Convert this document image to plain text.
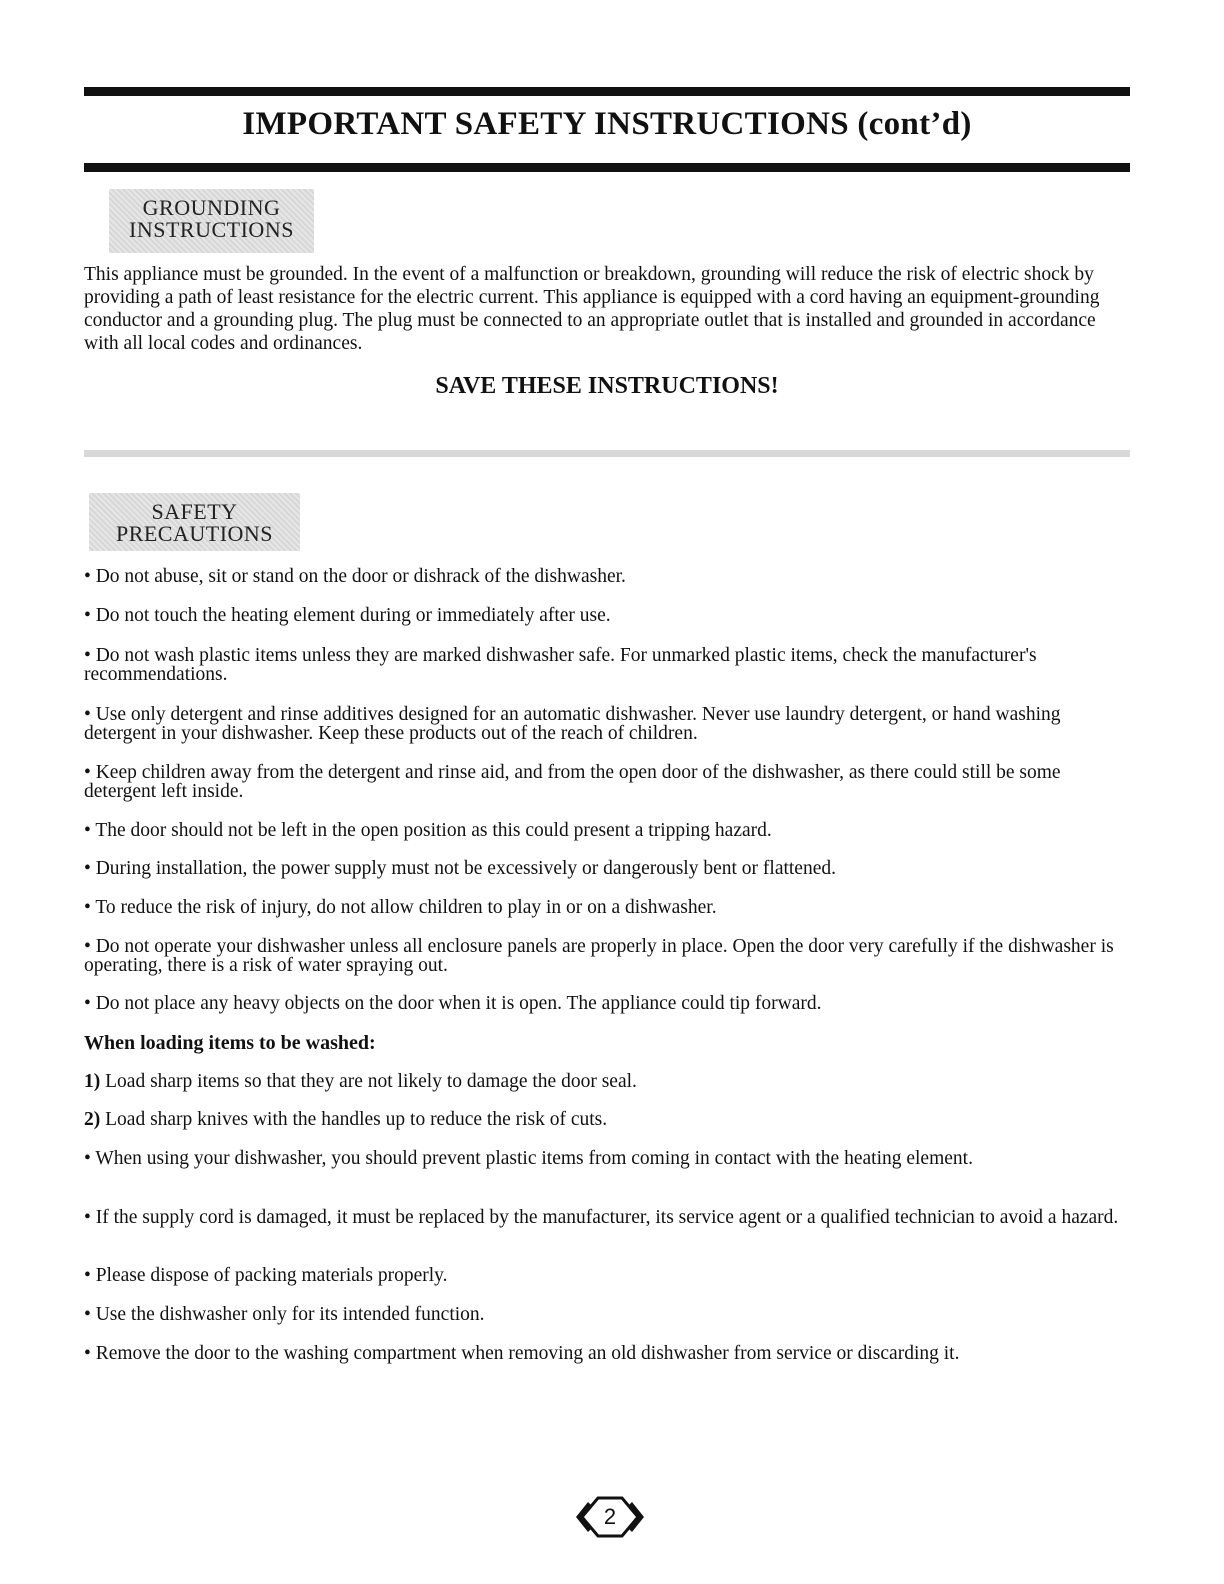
IMPORTANT SAFETY INSTRUCTIONS (cont’d)
GROUNDING
INSTRUCTIONS
This appliance must be grounded. In the event of a malfunction or breakdown, grounding will reduce the risk of electric shock by providing a path of least resistance for the electric current. This appliance is equipped with a cord having an equipment-grounding conductor and a grounding plug. The plug must be connected to an appropriate outlet that is installed and grounded in accordance with all local codes and ordinances.
SAVE THESE INSTRUCTIONS!
SAFETY
PRECAUTIONS
• Do not abuse, sit or stand on the door or dishrack of the dishwasher.
• Do not touch the heating element during or immediately after use.
• Do not wash plastic items unless they are marked dishwasher safe. For unmarked plastic items, check the manufacturer's recommendations.
• Use only detergent and rinse additives designed for an automatic dishwasher. Never use laundry detergent, or hand washing detergent in your dishwasher. Keep these products out of the reach of children.
• Keep children away from the detergent and rinse aid, and from the open door of the dishwasher, as there could still be some detergent left inside.
• The door should not be left in the open position as this could present a tripping hazard.
• During installation, the power supply must not be excessively or dangerously bent or flattened.
• To reduce the risk of injury, do not allow children to play in or on a dishwasher.
• Do not operate your dishwasher unless all enclosure panels are properly in place. Open the door very carefully if the dishwasher is operating, there is a risk of water spraying out.
• Do not place any heavy objects on the door when it is open. The appliance could tip forward.
When loading items to be washed:
1) Load sharp items so that they are not likely to damage the door seal.
2) Load sharp knives with the handles up to reduce the risk of cuts.
• When using your dishwasher, you should prevent plastic items from coming in contact with the heating element.
• If the supply cord is damaged, it must be replaced by the manufacturer, its service agent or a qualified technician to avoid a hazard.
• Please dispose of packing materials properly.
• Use the dishwasher only for its intended function.
• Remove the door to the washing compartment when removing an old dishwasher from service or discarding it.
2
